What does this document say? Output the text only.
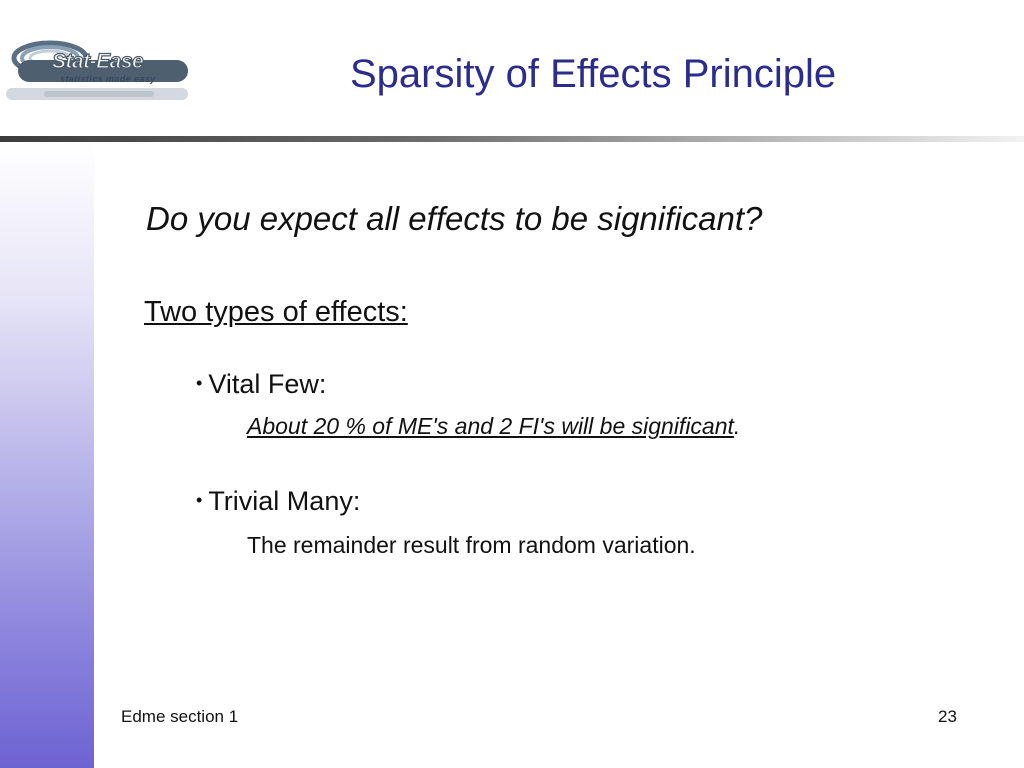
Stat-Ease
statistics made easy	Sparsity of Effects Principle
Do you expect all effects to be significant?
Two types of effects:
• Vital Few:
About 20 % of ME's and 2 FI's will be significant.
• Trivial Many:
The remainder result from random variation.
Edme section 1	23
